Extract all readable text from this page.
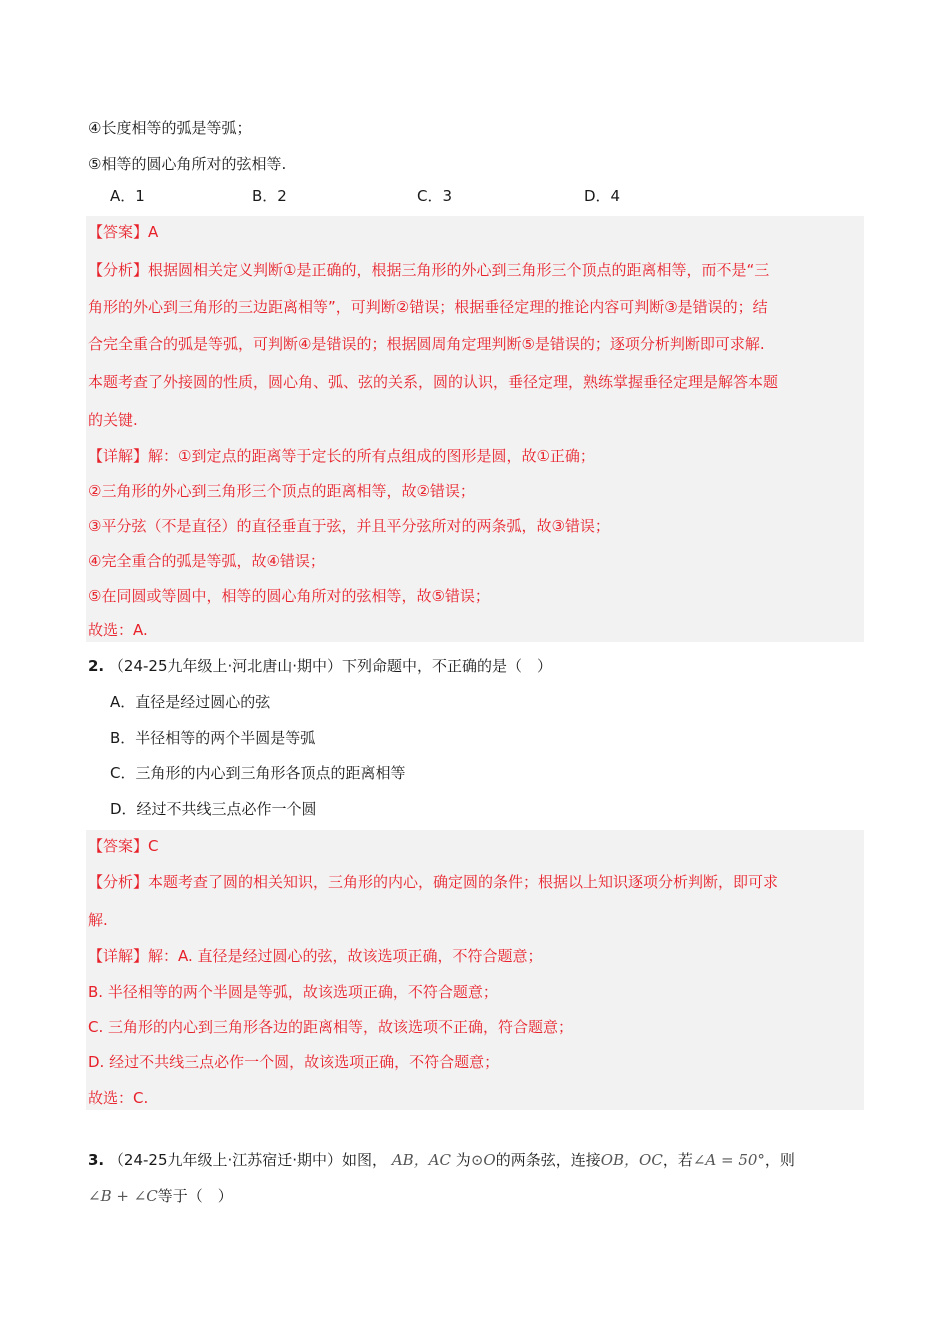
④长度相等的弧是等弧；
⑤相等的圆心角所对的弦相等.
A．1	B．2	C．3	D．4
【答案】A
【分析】根据圆相关定义判断①是正确的，根据三角形的外心到三角形三个顶点的距离相等，而不是“三
角形的外心到三角形的三边距离相等”，可判断②错误；根据垂径定理的推论内容可判断③是错误的；结
合完全重合的弧是等弧，可判断④是错误的；根据圆周角定理判断⑤是错误的；逐项分析判断即可求解.
本题考查了外接圆的性质，圆心角、弧、弦的关系，圆的认识，垂径定理，熟练掌握垂径定理是解答本题
的关键.
【详解】解：①到定点的距离等于定长的所有点组成的图形是圆，故①正确；
②三角形的外心到三角形三个顶点的距离相等，故②错误；
③平分弦（不是直径）的直径垂直于弦，并且平分弦所对的两条弧，故③错误；
④完全重合的弧是等弧，故④错误；
⑤在同圆或等圆中，相等的圆心角所对的弦相等，故⑤错误；
故选：A.
2. （24-25九年级上·河北唐山·期中）下列命题中，不正确的是（　）
A．直径是经过圆心的弦
B．半径相等的两个半圆是等弧
C．三角形的内心到三角形各顶点的距离相等
D．经过不共线三点必作一个圆
【答案】C
【分析】本题考查了圆的相关知识，三角形的内心，确定圆的条件；根据以上知识逐项分析判断，即可求
解.
【详解】解：A. 直径是经过圆心的弦，故该选项正确，不符合题意；
B. 半径相等的两个半圆是等弧，故该选项正确，不符合题意；
C. 三角形的内心到三角形各边的距离相等，故该选项不正确，符合题意；
D. 经过不共线三点必作一个圆，故该选项正确，不符合题意；
故选：C.
3. （24-25九年级上·江苏宿迁·期中）如图， AB，AC 为⊙O的两条弦，连接OB，OC，若∠A = 50°，则
∠B + ∠C等于（　）
